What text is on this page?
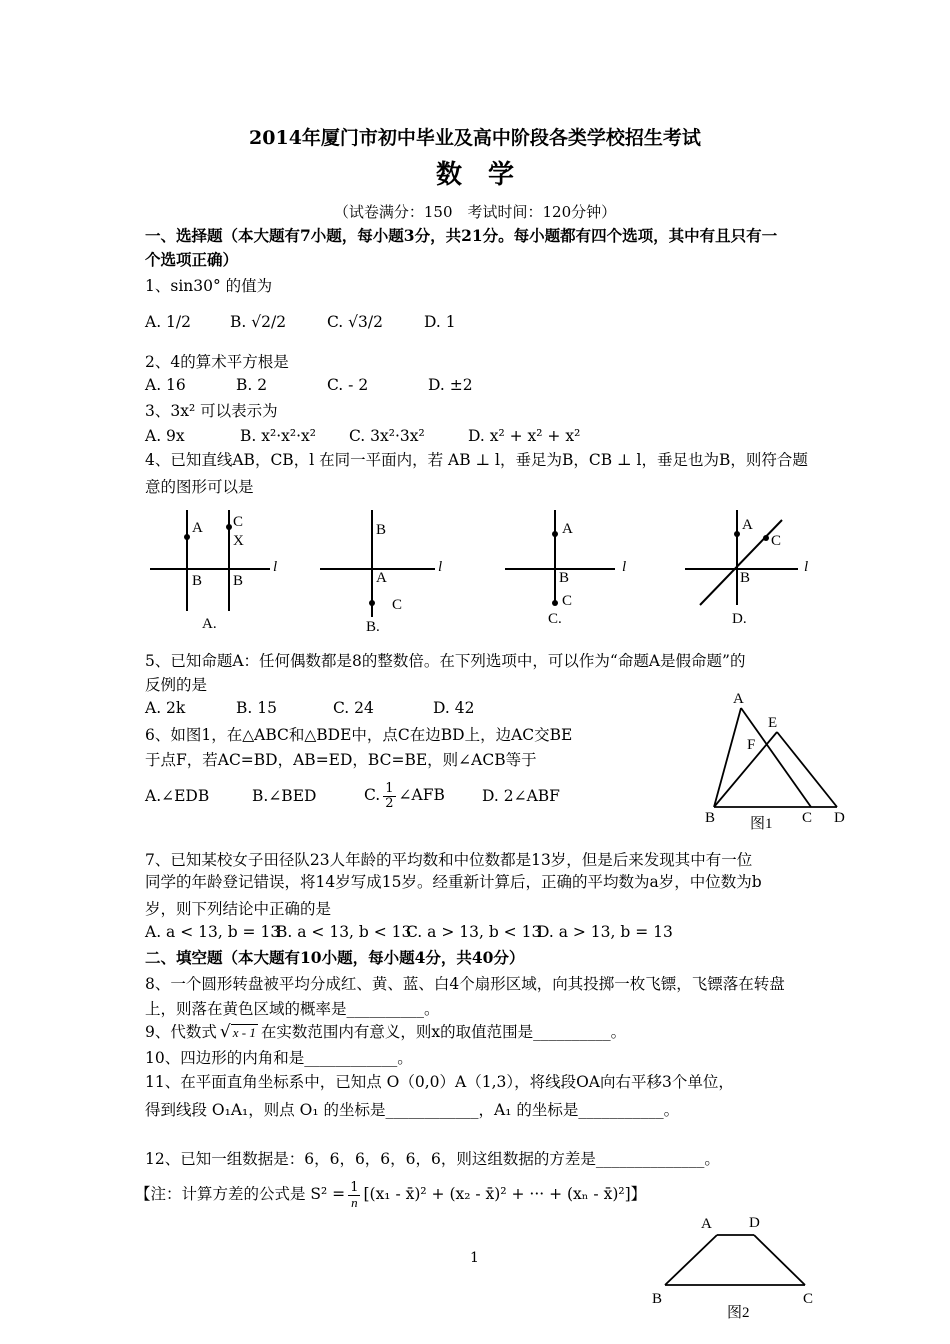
2014年厦门市初中毕业及高中阶段各类学校招生考试
数　学
（试卷满分：150　考试时间：120分钟）
一、选择题（本大题有7小题，每小题3分，共21分。每小题都有四个选项，其中有且只有一
个选项正确）
1、sin30° 的值为
A. 1/2	B. √2/2	C. √3/2	D. 1
2、4的算术平方根是
A. 16	B. 2	C. - 2	D. ±2
3、3x² 可以表示为
A. 9x	B. x²·x²·x² C. 3x²·3x²	D. x² + x² + x²
4、已知直线AB，CB，l 在同一平面内，若 AB ⊥ l，垂足为B，CB ⊥ l，垂足也为B，则符合题
意的图形可以是
A C
X
B B
l
A.
B
A
C
l
B.
A
B
C
l
C.
A
C
B
l
D.
5、已知命题A：任何偶数都是8的整数倍。在下列选项中，可以作为“命题A是假命题”的
反例的是
A. 2k	B. 15	C. 24	D. 42
6、如图1，在△ABC和△BDE中，点C在边BD上，边AC交BE
于点F，若AC=BD，AB=ED，BC=BE，则∠ACB等于
A.∠EDB	B.∠BED	C. $\frac{1}{2}$ ∠AFB D. 2∠ABF
A
E
F
B	C D
图1
7、已知某校女子田径队23人年龄的平均数和中位数都是13岁，但是后来发现其中有一位
同学的年龄登记错误，将14岁写成15岁。经重新计算后，正确的平均数为a岁，中位数为b
岁，则下列结论中正确的是
A. a < 13, b = 13
B. a < 13, b < 13
C. a > 13, b < 13
D. a > 13, b = 13
二、填空题（本大题有10小题，每小题4分，共40分）
8、一个圆形转盘被平均分成红、黄、蓝、白4个扇形区域，向其投掷一枚飞镖，飞镖落在转盘
上，则落在黄色区域的概率是__________。
9、代数式 √ x - 1 在实数范围内有意义，则x的取值范围是__________。
10、四边形的内角和是____________。
11、在平面直角坐标系中，已知点 O（0,0）A（1,3），将线段OA向右平移3个单位，
得到线段 O₁A₁，则点 O₁ 的坐标是____________，A₁ 的坐标是___________。
12、已知一组数据是：6，6，6，6，6，6，则这组数据的方差是______________。
【注：计算方差的公式是 $S^2 = \frac{1}{n} [(x_1$ - x̄)² + (x₂ - x̄)² + ··· + (xₙ - x̄)²]】
A D
B	C
图2
1
